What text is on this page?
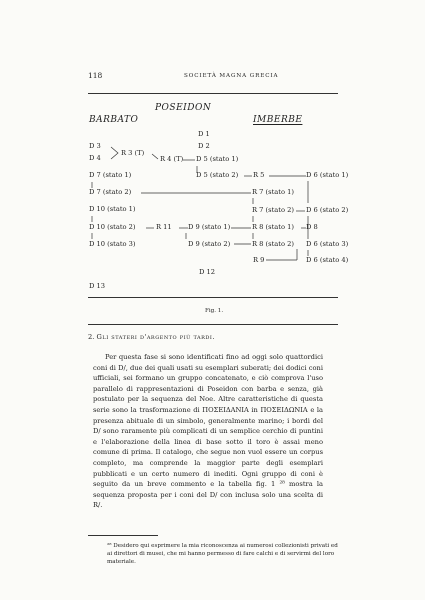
118	SOCIETÀ MAGNA GRECIA
POSEIDON
BARBATO	IMBERBE
D 1
D 2
D 3
D 4
R 3 (T)
R 4 (T) D 5 (stato 1)
D 7 (stato 1)	D 5 (stato 2) R 5	D 6 (stato 1)
D 7 (stato 2)	R 7 (stato 1)
D 10 (stato 1)	R 7 (stato 2) D 6 (stato 2)
D 10 (stato 2)	R 11 D 9 (stato 1)	R 8 (stato 1) D 8
D 10 (stato 3)	D 9 (stato 2)	R 8 (stato 2) D 6 (stato 3)
R 9	D 6 (stato 4)
D 12
D 13
Fig. 1.
2. Gli stateri d'argento più tardi.
Per questa fase si sono identificati fino ad oggi solo quattordici coni di D/, due dei quali usati su esemplari suberati; dei dodici coni ufficiali, sei formano un gruppo concatenato, e ciò comprova l'uso parallelo di rappresentazioni di Poseidon con barba e senza, già postulato per la sequenza del Noe. Altre caratteristiche di questa serie sono la trasformazione di ΠΟΣΕΙΔΑΝΙΑ in ΠΟΣΕΙΔΩΝΙΑ e la presenza abituale di un simbolo, generalmente marino; i bordi del D/ sono raramente più complicati di un semplice cerchio di puntini e l'elaborazione della linea di base sotto il toro è assai meno comune di prima. Il catalogo, che segue non vuol essere un corpus completo, ma comprende la maggior parte degli esemplari pubblicati e un certo numero di inediti. Ogni gruppo di coni è seguito da un breve commento e la tabella fig. 1 ²⁸ mostra la sequenza proposta per i coni del D/ con inclusa solo una scelta di R/.
²⁸ Desidero qui esprimere la mia riconoscenza ai numerosi collezionisti privati ed ai direttori di musei, che mi hanno permesso di fare calchi e di servirmi del loro materiale.
